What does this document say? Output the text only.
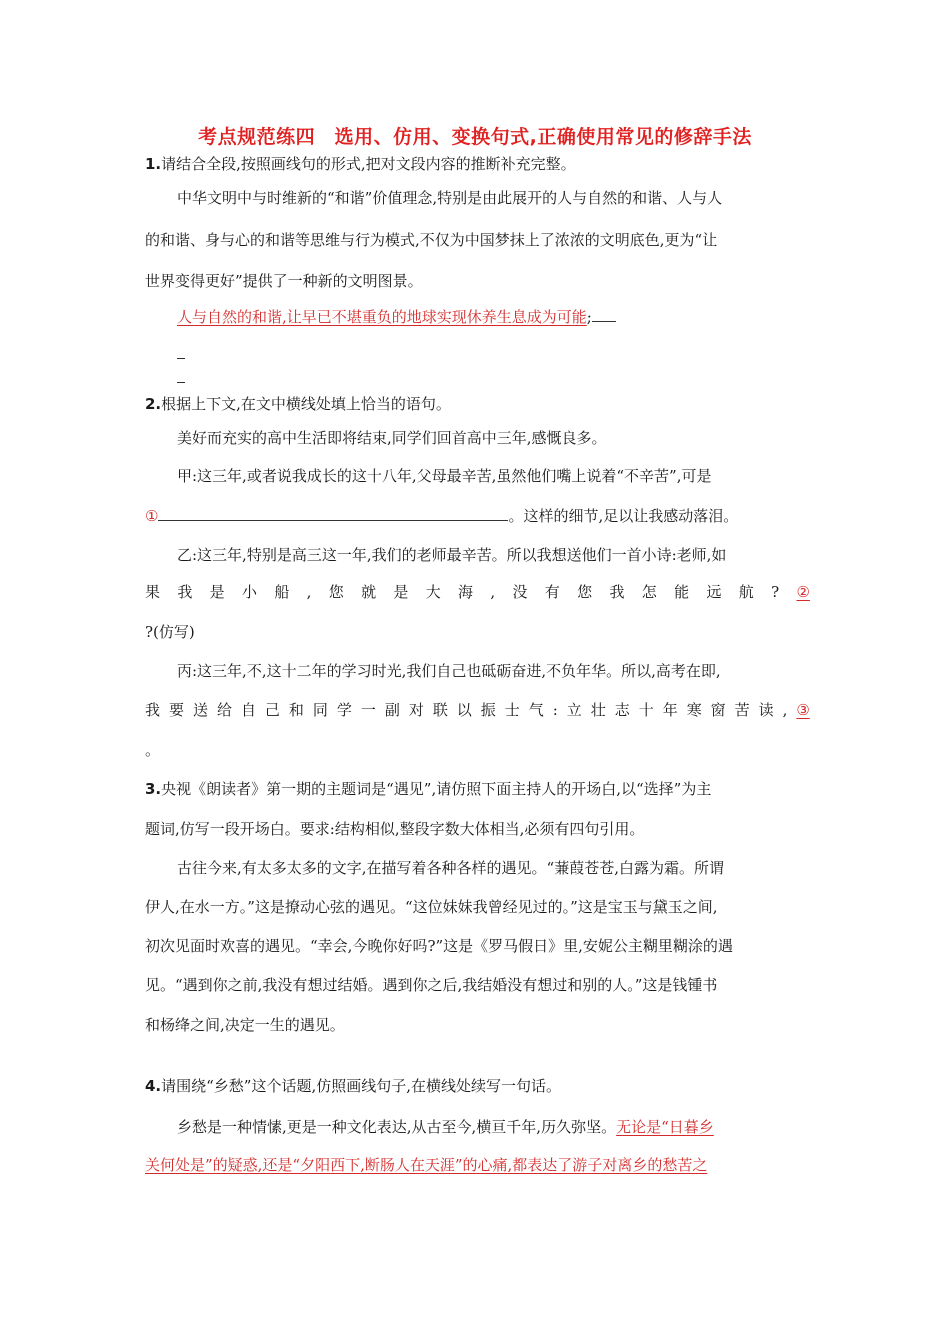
考点规范练四　选用、仿用、变换句式,正确使用常见的修辞手法
1.请结合全段,按照画线句的形式,把对文段内容的推断补充完整。
中华文明中与时维新的“和谐”价值理念,特别是由此展开的人与自然的和谐、人与人
的和谐、身与心的和谐等思维与行为模式,不仅为中国梦抹上了浓浓的文明底色,更为“让
世界变得更好”提供了一种新的文明图景。
人与自然的和谐,让早已不堪重负的地球实现休养生息成为可能;
2.根据上下文,在文中横线处填上恰当的语句。
美好而充实的高中生活即将结束,同学们回首高中三年,感慨良多。
甲:这三年,或者说我成长的这十八年,父母最辛苦,虽然他们嘴上说着“不辛苦”,可是
①	。这样的细节,足以让我感动落泪。
乙:这三年,特别是高三这一年,我们的老师最辛苦。所以我想送他们一首小诗:老师,如
果 我 是 小 船 , 您 就 是 大 海 , 没 有 您 我 怎 能 远 航 ? ②
?(仿写)
丙:这三年,不,这十二年的学习时光,我们自己也砥砺奋进,不负年华。所以,高考在即,
我 要 送 给 自 己 和 同 学 一 副 对 联 以 振 士 气 : 立 壮 志 十 年 寒 窗 苦 读 , ③
。
3.央视《朗读者》第一期的主题词是“遇见”,请仿照下面主持人的开场白,以“选择”为主
题词,仿写一段开场白。要求:结构相似,整段字数大体相当,必须有四句引用。
古往今来,有太多太多的文字,在描写着各种各样的遇见。“蒹葭苍苍,白露为霜。所谓
伊人,在水一方。”这是撩动心弦的遇见。“这位妹妹我曾经见过的。”这是宝玉与黛玉之间,
初次见面时欢喜的遇见。“幸会,今晚你好吗?”这是《罗马假日》里,安妮公主糊里糊涂的遇
见。“遇到你之前,我没有想过结婚。遇到你之后,我结婚没有想过和别的人。”这是钱锺书
和杨绛之间,决定一生的遇见。
4.请围绕“乡愁”这个话题,仿照画线句子,在横线处续写一句话。
乡愁是一种情愫,更是一种文化表达,从古至今,横亘千年,历久弥坚。无论是“日暮乡
关何处是”的疑惑,还是“夕阳西下,断肠人在天涯”的心痛,都表达了游子对离乡的愁苦之
